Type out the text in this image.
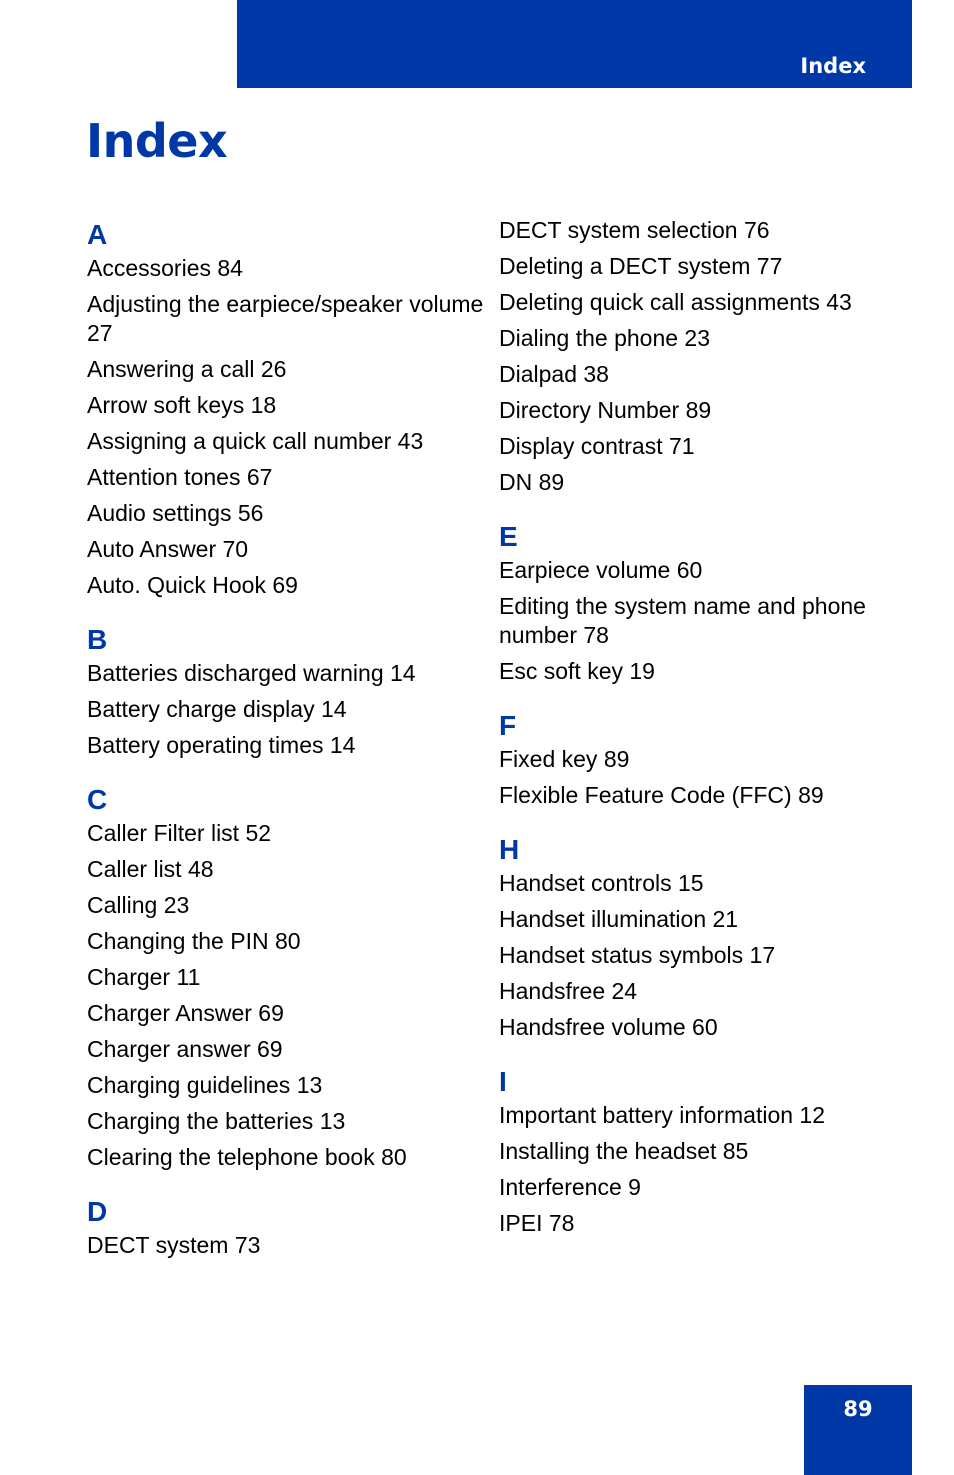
Index
Index
A
Accessories 84
Adjusting the earpiece/speaker volume 27
Answering a call 26
Arrow soft keys 18
Assigning a quick call number 43
Attention tones 67
Audio settings 56
Auto Answer 70
Auto. Quick Hook 69
B
Batteries discharged warning 14
Battery charge display 14
Battery operating times 14
C
Caller Filter list 52
Caller list 48
Calling 23
Changing the PIN 80
Charger 11
Charger Answer 69
Charger answer 69
Charging guidelines 13
Charging the batteries 13
Clearing the telephone book 80
D
DECT system 73
DECT system selection 76
Deleting a DECT system 77
Deleting quick call assignments 43
Dialing the phone 23
Dialpad 38
Directory Number 89
Display contrast 71
DN 89
E
Earpiece volume 60
Editing the system name and phone number 78
Esc soft key 19
F
Fixed key 89
Flexible Feature Code (FFC) 89
H
Handset controls 15
Handset illumination 21
Handset status symbols 17
Handsfree 24
Handsfree volume 60
I
Important battery information 12
Installing the headset 85
Interference 9
IPEI 78
89
